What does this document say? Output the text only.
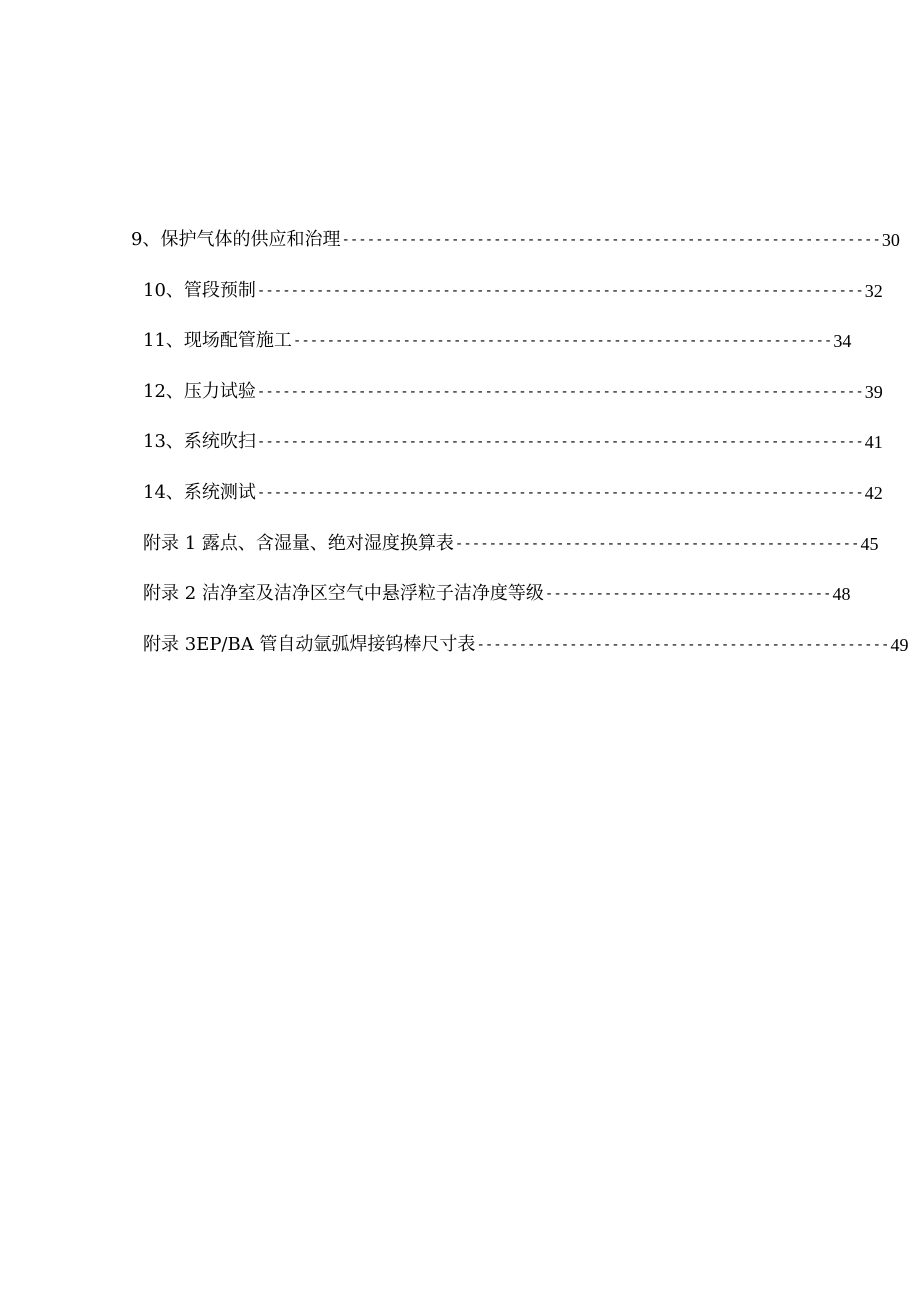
9、保护气体的供应和治理 ---------------------------------------------------------------- 30
10、管段预制 ------------------------------------------------------------------------ 32
11、现场配管施工 ---------------------------------------------------------------- 34
12、压力试验 ------------------------------------------------------------------------ 39
13、系统吹扫 ------------------------------------------------------------------------ 41
14、系统测试 ------------------------------------------------------------------------ 42
附录 1 露点、含湿量、绝对湿度换算表 ------------------------------------------------ 45
附录 2 洁净室及洁净区空气中悬浮粒子洁净度等级 ---------------------------------- 48
附录 3EP/BA 管自动氩弧焊接钨棒尺寸表 ------------------------------------------------- 49
